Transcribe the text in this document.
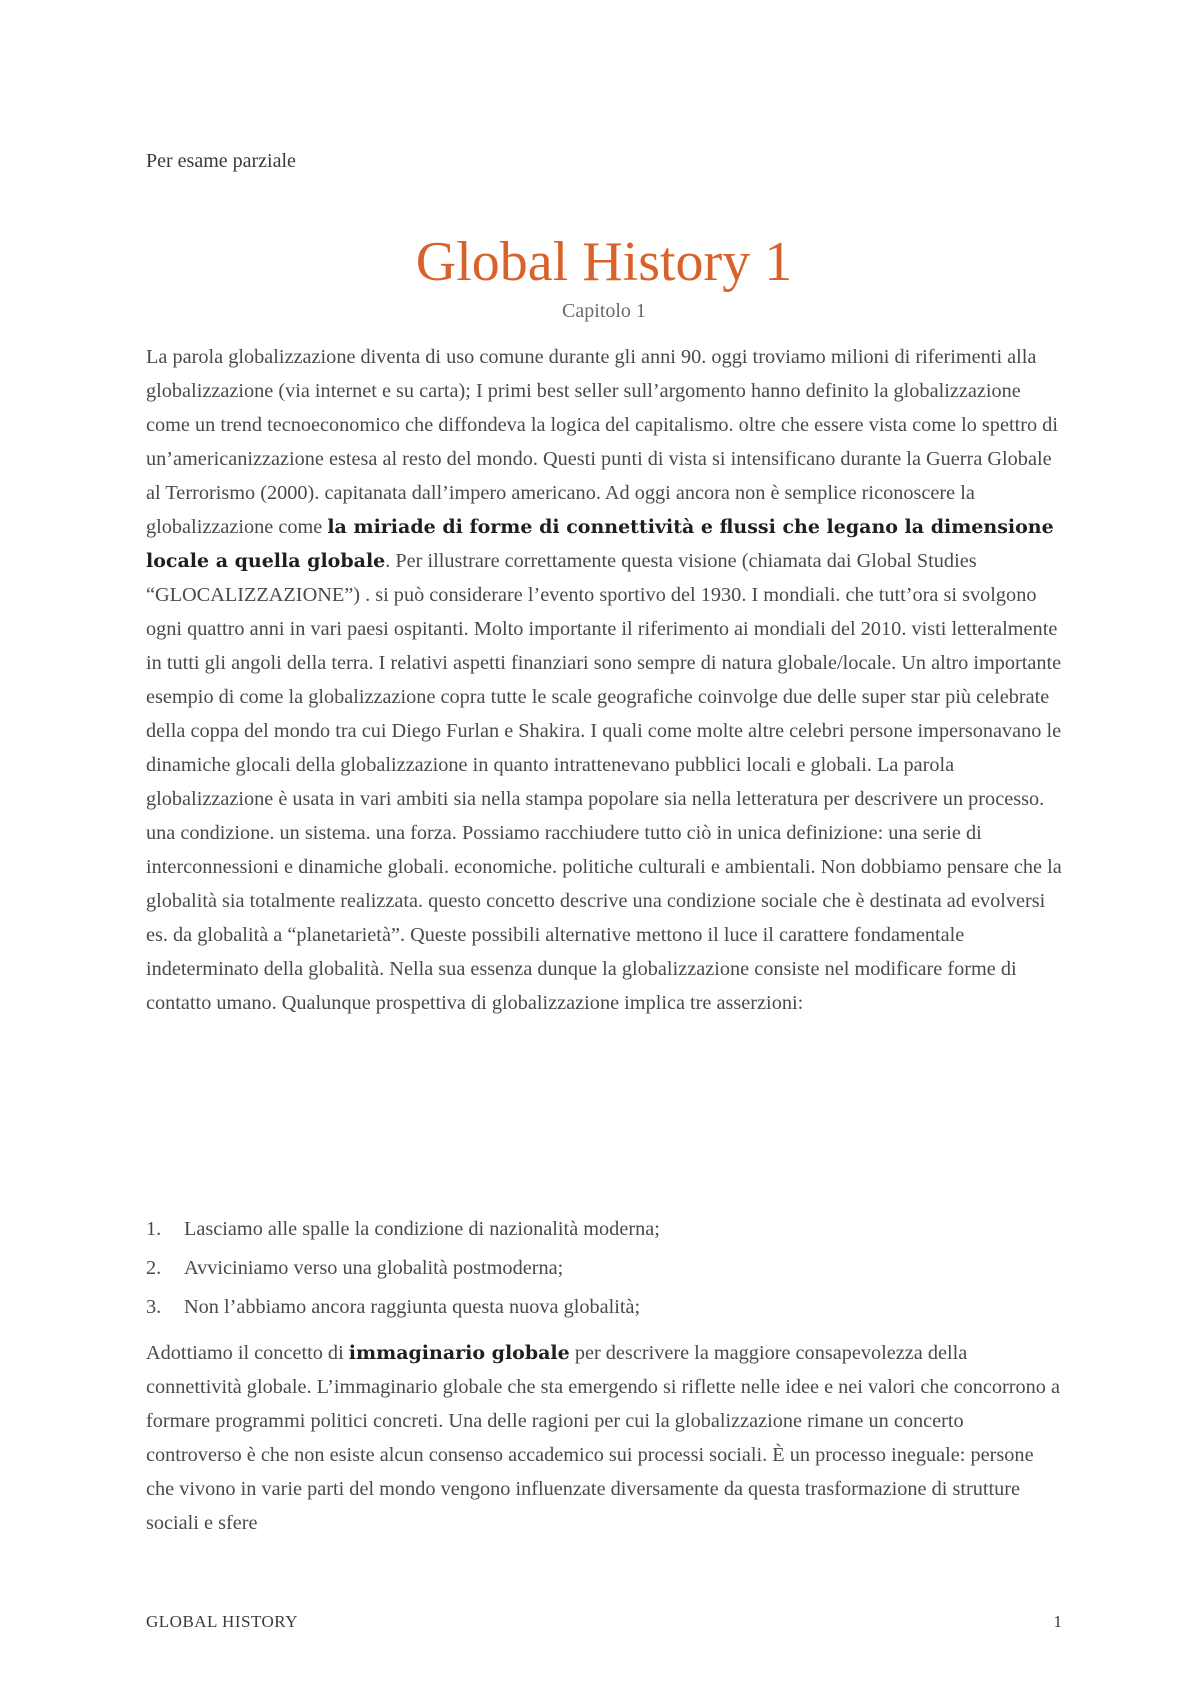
Per esame parziale
Global History 1
Capitolo 1

La parola globalizzazione diventa di uso comune durante gli anni 90. oggi troviamo milioni di riferimenti alla globalizzazione (via internet e su carta); I primi best seller sull’argomento hanno definito la globalizzazione come un trend tecnoeconomico che diffondeva la logica del capitalismo. oltre che essere vista come lo spettro di un’americanizzazione estesa al resto del mondo. Questi punti di vista si intensificano durante la Guerra Globale al Terrorismo (2000). capitanata dall’impero americano. Ad oggi ancora non è semplice riconoscere la globalizzazione come la miriade di forme di connettività e flussi che legano la dimensione locale a quella globale. Per illustrare correttamente questa visione (chiamata dai Global Studies “GLOCALIZZAZIONE”) . si può considerare l’evento sportivo del 1930. I mondiali. che tutt’ora si svolgono ogni quattro anni in vari paesi ospitanti. Molto importante il riferimento ai mondiali del 2010. visti letteralmente in tutti gli angoli della terra. I relativi aspetti finanziari sono sempre di natura globale/locale. Un altro importante esempio di come la globalizzazione copra tutte le scale geografiche coinvolge due delle super star più celebrate della coppa del mondo tra cui Diego Furlan e Shakira. I quali come molte altre celebri persone impersonavano le dinamiche glocali della globalizzazione in quanto intrattenevano pubblici locali e globali. La parola globalizzazione è usata in vari ambiti sia nella stampa popolare sia nella letteratura per descrivere un processo. una condizione. un sistema. una forza. Possiamo racchiudere tutto ciò in unica definizione: una serie di interconnessioni e dinamiche globali. economiche. politiche culturali e ambientali. Non dobbiamo pensare che la globalità sia totalmente realizzata. questo concetto descrive una condizione sociale che è destinata ad evolversi es. da globalità a “planetarietà”. Queste possibili alternative mettono il luce il carattere fondamentale indeterminato della globalità. Nella sua essenza dunque la globalizzazione consiste nel modificare forme di contatto umano. Qualunque prospettiva di globalizzazione implica tre asserzioni:

1. Lasciamo alle spalle la condizione di nazionalità moderna;
2. Avviciniamo verso una globalità postmoderna;
3. Non l’abbiamo ancora raggiunta questa nuova globalità;

Adottiamo il concetto di immaginario globale per descrivere la maggiore consapevolezza della connettività globale. L’immaginario globale che sta emergendo si riflette nelle idee e nei valori che concorrono a formare programmi politici concreti. Una delle ragioni per cui la globalizzazione rimane un concerto controverso è che non esiste alcun consenso accademico sui processi sociali. È un processo ineguale: persone che vivono in varie parti del mondo vengono influenzate diversamente da questa trasformazione di strutture sociali e sfere

GLOBAL HISTORY	1
